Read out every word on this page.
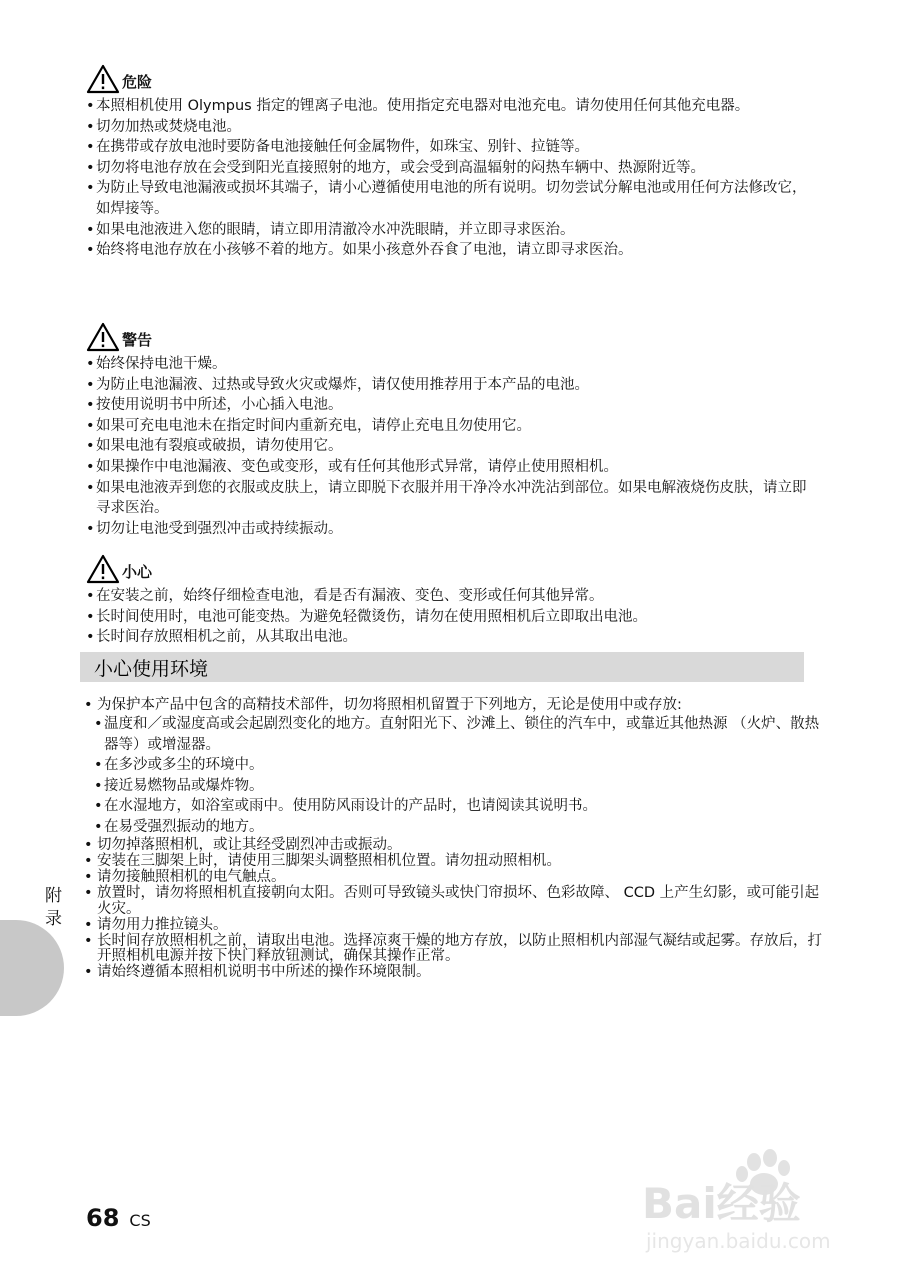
危险
• 本照相机使用 Olympus 指定的锂离子电池。使用指定充电器对电池充电。请勿使用任何其他充电器。
• 切勿加热或焚烧电池。
• 在携带或存放电池时要防备电池接触任何金属物件，如珠宝、别针、拉链等。
• 切勿将电池存放在会受到阳光直接照射的地方，或会受到高温辐射的闷热车辆中、热源附近等。
• 为防止导致电池漏液或损坏其端子，请小心遵循使用电池的所有说明。切勿尝试分解电池或用任何方法修改它，如焊接等。
• 如果电池液进入您的眼睛，请立即用清澈冷水冲洗眼睛，并立即寻求医治。
• 始终将电池存放在小孩够不着的地方。如果小孩意外吞食了电池，请立即寻求医治。
警告
• 始终保持电池干燥。
• 为防止电池漏液、过热或导致火灾或爆炸，请仅使用推荐用于本产品的电池。
• 按使用说明书中所述，小心插入电池。
• 如果可充电电池未在指定时间内重新充电，请停止充电且勿使用它。
• 如果电池有裂痕或破损，请勿使用它。
• 如果操作中电池漏液、变色或变形，或有任何其他形式异常，请停止使用照相机。
• 如果电池液弄到您的衣服或皮肤上，请立即脱下衣服并用干净冷水冲洗沾到部位。如果电解液烧伤皮肤，请立即寻求医治。
• 切勿让电池受到强烈冲击或持续振动。
小心
• 在安装之前，始终仔细检查电池，看是否有漏液、变色、变形或任何其他异常。
• 长时间使用时，电池可能变热。为避免轻微烫伤，请勿在使用照相机后立即取出电池。
• 长时间存放照相机之前，从其取出电池。
小心使用环境
• 为保护本产品中包含的高精技术部件，切勿将照相机留置于下列地方，无论是使用中或存放:
• 温度和／或湿度高或会起剧烈变化的地方。直射阳光下、沙滩上、锁住的汽车中，或靠近其他热源 （火炉、散热器等）或增湿器。
• 在多沙或多尘的环境中。
• 接近易燃物品或爆炸物。
• 在水湿地方，如浴室或雨中。使用防风雨设计的产品时，也请阅读其说明书。
• 在易受强烈振动的地方。
• 切勿掉落照相机，或让其经受剧烈冲击或振动。
• 安装在三脚架上时，请使用三脚架头调整照相机位置。请勿扭动照相机。
• 请勿接触照相机的电气触点。
• 放置时，请勿将照相机直接朝向太阳。否则可导致镜头或快门帘损坏、色彩故障、 CCD 上产生幻影，或可能引起火灾。
• 请勿用力推拉镜头。
• 长时间存放照相机之前，请取出电池。选择凉爽干燥的地方存放，以防止照相机内部湿气凝结或起雾。存放后，打开照相机电源并按下快门释放钮测试，确保其操作正常。
• 请始终遵循本照相机说明书中所述的操作环境限制。
附录
68 CS	Bai经验
jingyan.baidu.com
